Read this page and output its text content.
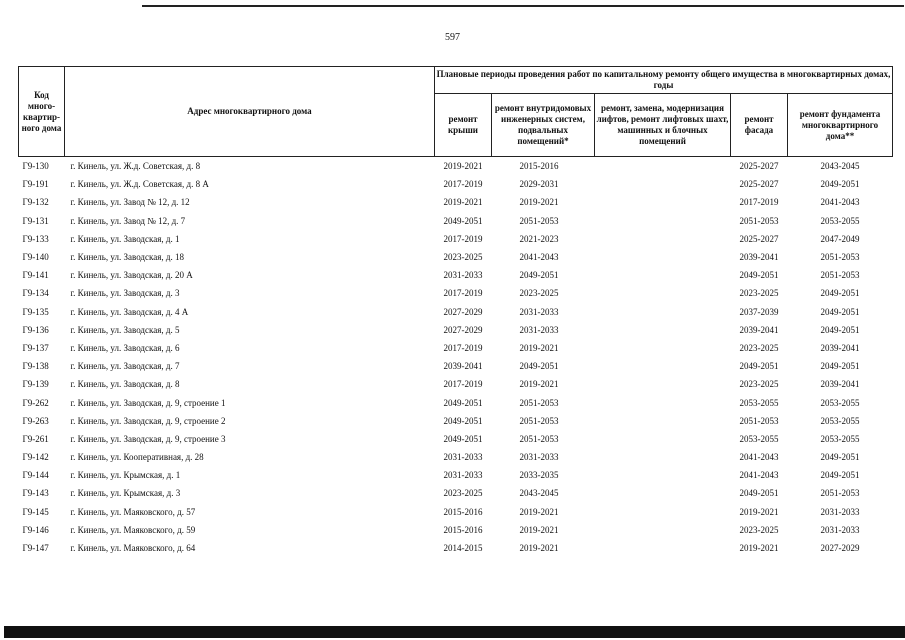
597
Код много-квартир-ного дома	Адрес многоквартирного дома	Плановые периоды проведения работ по капитальному ремонту общего имущества в многоквартирных домах, годы				
		ремонт крыши	ремонт внутридомовых инженерных систем, подвальных помещений*	ремонт, замена, модернизация лифтов, ремонт лифтовых шахт, машинных и блочных помещений	ремонт фасада	ремонт фундамента многоквартирного дома**
Г9-130	г. Кинель, ул. Ж.д. Советская, д. 8	2019-2021	2015-2016		2025-2027	2043-2045
Г9-191	г. Кинель, ул. Ж.д. Советская, д. 8 А	2017-2019	2029-2031		2025-2027	2049-2051
Г9-132	г. Кинель, ул. Завод № 12, д. 12	2019-2021	2019-2021		2017-2019	2041-2043
Г9-131	г. Кинель, ул. Завод № 12, д. 7	2049-2051	2051-2053		2051-2053	2053-2055
Г9-133	г. Кинель, ул. Заводская, д. 1	2017-2019	2021-2023		2025-2027	2047-2049
Г9-140	г. Кинель, ул. Заводская, д. 18	2023-2025	2041-2043		2039-2041	2051-2053
Г9-141	г. Кинель, ул. Заводская, д. 20 А	2031-2033	2049-2051		2049-2051	2051-2053
Г9-134	г. Кинель, ул. Заводская, д. 3	2017-2019	2023-2025		2023-2025	2049-2051
Г9-135	г. Кинель, ул. Заводская, д. 4 А	2027-2029	2031-2033		2037-2039	2049-2051
Г9-136	г. Кинель, ул. Заводская, д. 5	2027-2029	2031-2033		2039-2041	2049-2051
Г9-137	г. Кинель, ул. Заводская, д. 6	2017-2019	2019-2021		2023-2025	2039-2041
Г9-138	г. Кинель, ул. Заводская, д. 7	2039-2041	2049-2051		2049-2051	2049-2051
Г9-139	г. Кинель, ул. Заводская, д. 8	2017-2019	2019-2021		2023-2025	2039-2041
Г9-262	г. Кинель, ул. Заводская, д. 9, строение 1	2049-2051	2051-2053		2053-2055	2053-2055
Г9-263	г. Кинель, ул. Заводская, д. 9, строение 2	2049-2051	2051-2053		2051-2053	2053-2055
Г9-261	г. Кинель, ул. Заводская, д. 9, строение 3	2049-2051	2051-2053		2053-2055	2053-2055
Г9-142	г. Кинель, ул. Кооперативная, д. 28	2031-2033	2031-2033		2041-2043	2049-2051
Г9-144	г. Кинель, ул. Крымская, д. 1	2031-2033	2033-2035		2041-2043	2049-2051
Г9-143	г. Кинель, ул. Крымская, д. 3	2023-2025	2043-2045		2049-2051	2051-2053
Г9-145	г. Кинель, ул. Маяковского, д. 57	2015-2016	2019-2021		2019-2021	2031-2033
Г9-146	г. Кинель, ул. Маяковского, д. 59	2015-2016	2019-2021		2023-2025	2031-2033
Г9-147	г. Кинель, ул. Маяковского, д. 64	2014-2015	2019-2021		2019-2021	2027-2029
